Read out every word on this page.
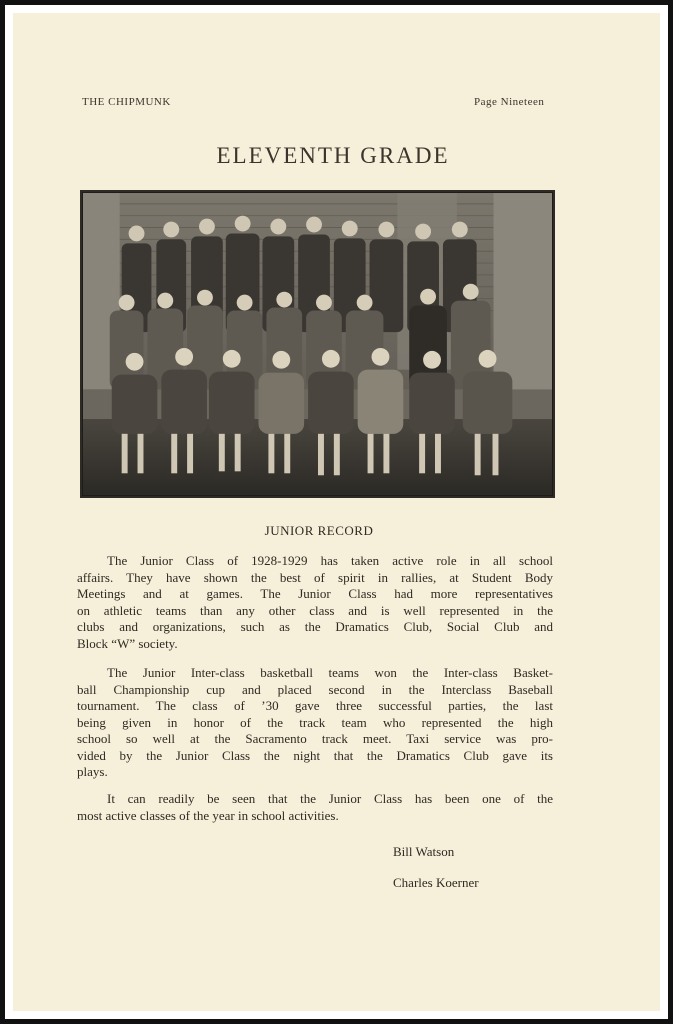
THE CHIPMUNK	Page Nineteen
ELEVENTH GRADE
JUNIOR RECORD

The Junior Class of 1928-1929 has taken active role in all school
affairs. They have shown the best of spirit in rallies, at Student Body
Meetings and at games. The Junior Class had more representatives
on athletic teams than any other class and is well represented in the
clubs and organizations, such as the Dramatics Club, Social Club and
Block “W” society.

The Junior Inter-class basketball teams won the Inter-class Basket-
ball Championship cup and placed second in the Interclass Baseball
tournament. The class of ’30 gave three successful parties, the last
being given in honor of the track team who represented the high
school so well at the Sacramento track meet. Taxi service was pro-
vided by the Junior Class the night that the Dramatics Club gave its
plays.

It can readily be seen that the Junior Class has been one of the
most active classes of the year in school activities.

Bill Watson
Charles Koerner
